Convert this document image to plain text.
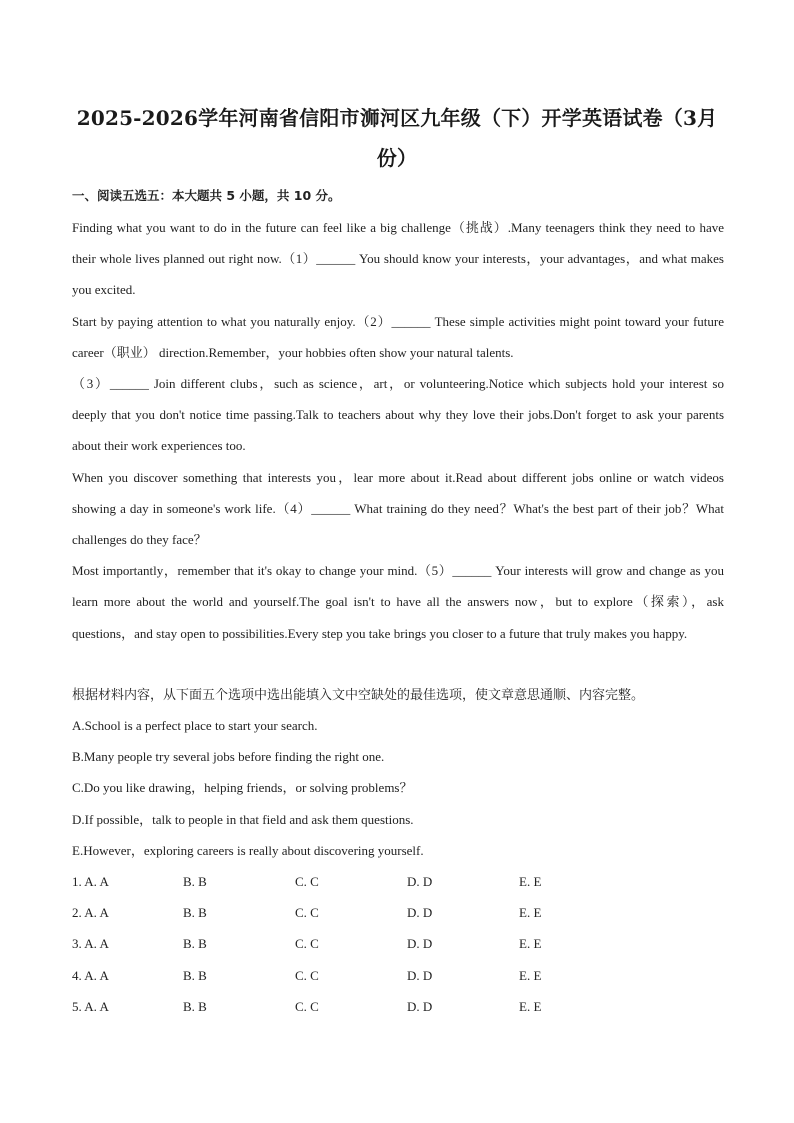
2025-2026学年河南省信阳市浉河区九年级（下）开学英语试卷（3月份）
一、阅读五选五：本大题共 5 小题，共 10 分。

Finding what you want to do in the future can feel like a big challenge（挑战）.Many teenagers think they need to have their whole lives planned out right now.（1）______ You should know your interests，your advantages，and what makes you excited.

Start by paying attention to what you naturally enjoy.（2）______ These simple activities might point toward your future career（职业） direction.Remember，your hobbies often show your natural talents.

（3）______ Join different clubs，such as science，art，or volunteering.Notice which subjects hold your interest so deeply that you don't notice time passing.Talk to teachers about why they love their jobs.Don't forget to ask your parents about their work experiences too.

When you discover something that interests you，lear more about it.Read about different jobs online or watch videos showing a day in someone's work life.（4）______ What training do they need？What's the best part of their job？What challenges do they face？

Most importantly，remember that it's okay to change your mind.（5）______ Your interests will grow and change as you learn more about the world and yourself.The goal isn't to have all the answers now，but to explore（探索），ask questions，and stay open to possibilities.Every step you take brings you closer to a future that truly makes you happy.

根据材料内容，从下面五个选项中选出能填入文中空缺处的最佳选项，使文章意思通顺、内容完整。
A.School is a perfect place to start your search.
B.Many people try several jobs before finding the right one.
C.Do you like drawing，helping friends，or solving problems？
D.If possible，talk to people in that field and ask them questions.
E.However，exploring careers is really about discovering yourself.
1. A. A	B. B	C. C	D. D	E. E
2. A. A	B. B	C. C	D. D	E. E
3. A. A	B. B	C. C	D. D	E. E
4. A. A	B. B	C. C	D. D	E. E
5. A. A	B. B	C. C	D. D	E. E
